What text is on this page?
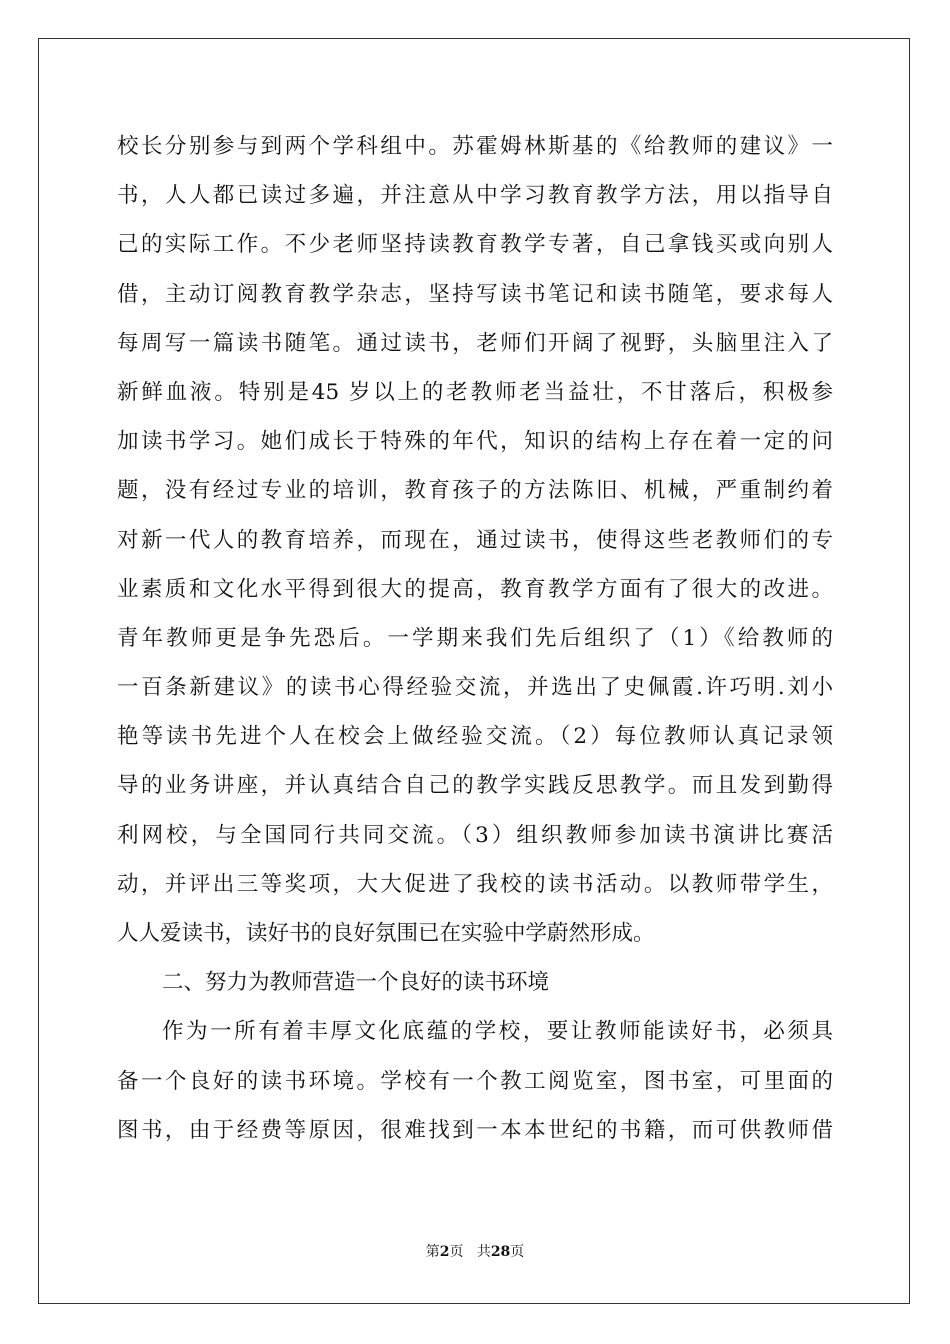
校长分别参与到两个学科组中。苏霍姆林斯基的《给教师的建议》一
书，人人都已读过多遍，并注意从中学习教育教学方法，用以指导自
己的实际工作。不少老师坚持读教育教学专著，自己拿钱买或向别人
借，主动订阅教育教学杂志，坚持写读书笔记和读书随笔，要求每人
每周写一篇读书随笔。通过读书，老师们开阔了视野，头脑里注入了
新鲜血液。特别是45 岁以上的老教师老当益壮，不甘落后，积极参
加读书学习。她们成长于特殊的年代，知识的结构上存在着一定的问
题，没有经过专业的培训，教育孩子的方法陈旧、机械，严重制约着
对新一代人的教育培养，而现在，通过读书，使得这些老教师们的专
业素质和文化水平得到很大的提高，教育教学方面有了很大的改进。
青年教师更是争先恐后。一学期来我们先后组织了（1）《给教师的
一百条新建议》的读书心得经验交流，并选出了史佩霞.许巧明.刘小
艳等读书先进个人在校会上做经验交流。（2）每位教师认真记录领
导的业务讲座，并认真结合自己的教学实践反思教学。而且发到勤得
利网校，与全国同行共同交流。（3）组织教师参加读书演讲比赛活
动，并评出三等奖项，大大促进了我校的读书活动。以教师带学生，
人人爱读书，读好书的良好氛围已在实验中学蔚然形成。
二、努力为教师营造一个良好的读书环境
作为一所有着丰厚文化底蕴的学校，要让教师能读好书，必须具
备一个良好的读书环境。学校有一个教工阅览室，图书室，可里面的
图书，由于经费等原因，很难找到一本本世纪的书籍，而可供教师借
第2页 共28页
